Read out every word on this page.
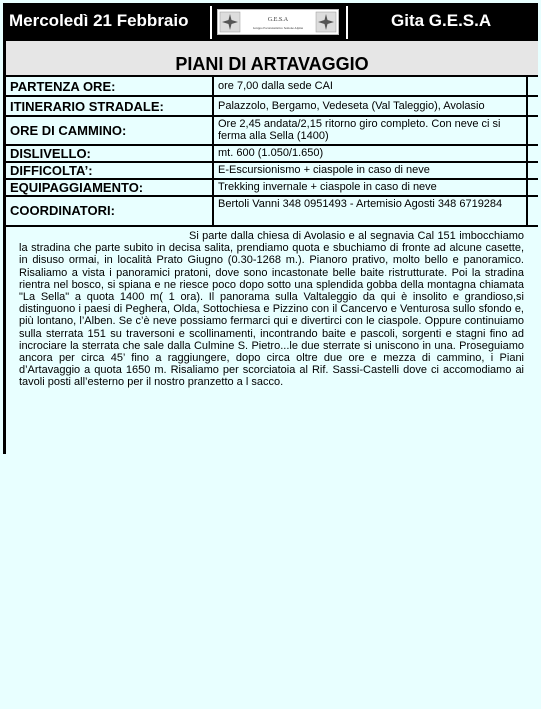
Mercoledì 21 Febbraio	G.E.S.A
Gruppo Escursionistico Sezione Alpina	Gita G.E.S.A
PIANI DI ARTAVAGGIO
PARTENZA ORE:	ore 7,00 dalla sede CAI
ITINERARIO STRADALE:	Palazzolo, Bergamo, Vedeseta (Val Taleggio), Avolasio
ORE DI CAMMINO:	Ore 2,45 andata/2,15 ritorno giro completo. Con neve ci si ferma alla Sella (1400)
DISLIVELLO:	mt. 600 (1.050/1.650)
DIFFICOLTA’:	E-Escursionismo + ciaspole in caso di neve
EQUIPAGGIAMENTO:	Trekking invernale + ciaspole in caso di neve
COORDINATORI:	Bertoli Vanni 348 0951493 - Artemisio Agosti 348 6719284

Si parte dalla chiesa di Avolasio e al segnavia Cal 151 imbocchiamo la stradina che parte subito in decisa salita, prendiamo quota e sbuchiamo di fronte ad alcune casette, in disuso ormai, in località Prato Giugno (0.30-1268 m.). Pianoro prativo, molto bello e panoramico. Risaliamo a vista i panoramici pratoni, dove sono incastonate belle baite ristrutturate. Poi la stradina rientra nel bosco, si spiana e ne riesce poco dopo sotto una splendida gobba della montagna chiamata "La Sella" a quota 1400 m( 1 ora). Il panorama sulla Valtaleggio da qui è insolito e grandioso,si distinguono i paesi di Peghera, Olda, Sottochiesa e Pizzino con il Cancervo e Venturosa sullo sfondo e, più lontano, l’Alben. Se c’è neve possiamo fermarci qui e divertirci con le ciaspole. Oppure continuiamo sulla sterrata 151 su traversoni e scollinamenti, incontrando baite e pascoli, sorgenti e stagni fino ad incrociare la sterrata che sale dalla Culmine S. Pietro...le due sterrate si uniscono in una. Proseguiamo ancora per circa 45’ fino a raggiungere, dopo circa oltre due ore e mezza di cammino, i Piani d’Artavaggio a quota 1650 m. Risaliamo per scorciatoia al Rif. Sassi-Castelli dove ci accomodiamo ai tavoli posti all’esterno per il nostro pranzetto a l sacco.
